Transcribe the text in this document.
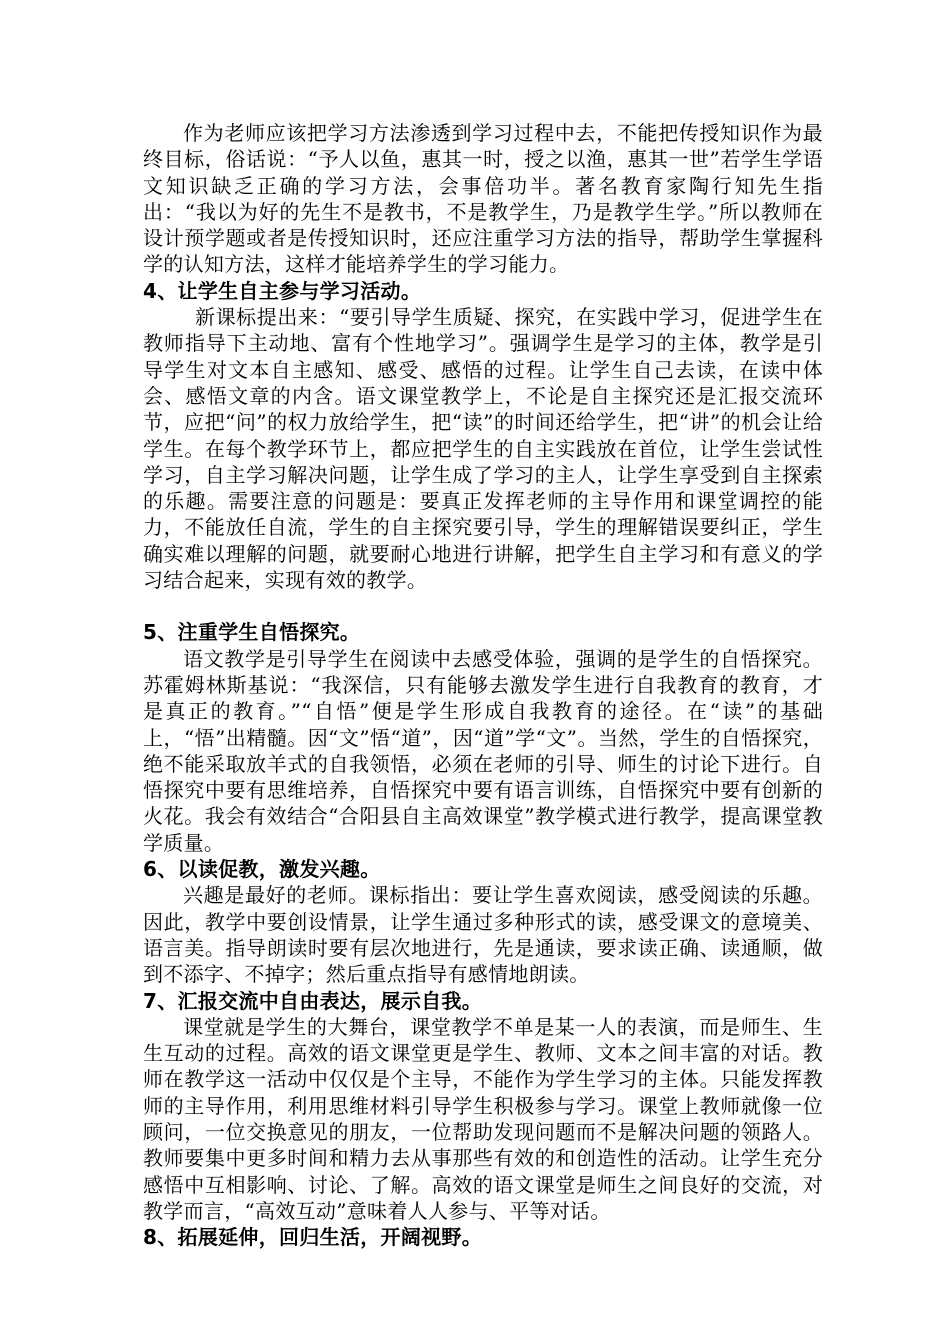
作为老师应该把学习方法渗透到学习过程中去，不能把传授知识作为最终目标，俗话说：“予人以鱼，惠其一时，授之以渔，惠其一世”若学生学语文知识缺乏正确的学习方法，会事倍功半。著名教育家陶行知先生指出：“我以为好的先生不是教书，不是教学生，乃是教学生学。”所以教师在设计预学题或者是传授知识时，还应注重学习方法的指导，帮助学生掌握科学的认知方法，这样才能培养学生的学习能力。

4、让学生自主参与学习活动。

新课标提出来：“要引导学生质疑、探究，在实践中学习，促进学生在教师指导下主动地、富有个性地学习”。强调学生是学习的主体，教学是引导学生对文本自主感知、感受、感悟的过程。让学生自己去读，在读中体会、感悟文章的内含。语文课堂教学上，不论是自主探究还是汇报交流环节，应把“问”的权力放给学生，把“读”的时间还给学生，把“讲”的机会让给学生。在每个教学环节上，都应把学生的自主实践放在首位，让学生尝试性学习，自主学习解决问题，让学生成了学习的主人，让学生享受到自主探索的乐趣。需要注意的问题是：要真正发挥老师的主导作用和课堂调控的能力，不能放任自流，学生的自主探究要引导，学生的理解错误要纠正，学生确实难以理解的问题，就要耐心地进行讲解，把学生自主学习和有意义的学习结合起来，实现有效的教学。

5、注重学生自悟探究。

语文教学是引导学生在阅读中去感受体验，强调的是学生的自悟探究。苏霍姆林斯基说：“我深信，只有能够去激发学生进行自我教育的教育，才是真正的教育。”“自悟”便是学生形成自我教育的途径。在“读”的基础上，“悟”出精髓。因“文”悟“道”，因“道”学“文”。当然，学生的自悟探究，绝不能采取放羊式的自我领悟，必须在老师的引导、师生的讨论下进行。自悟探究中要有思维培养，自悟探究中要有语言训练，自悟探究中要有创新的火花。我会有效结合“合阳县自主高效课堂”教学模式进行教学，提高课堂教学质量。

6、以读促教，激发兴趣。

兴趣是最好的老师。课标指出：要让学生喜欢阅读，感受阅读的乐趣。因此，教学中要创设情景，让学生通过多种形式的读，感受课文的意境美、语言美。指导朗读时要有层次地进行，先是通读，要求读正确、读通顺，做到不添字、不掉字；然后重点指导有感情地朗读。

7、汇报交流中自由表达，展示自我。

课堂就是学生的大舞台，课堂教学不单是某一人的表演，而是师生、生生互动的过程。高效的语文课堂更是学生、教师、文本之间丰富的对话。教师在教学这一活动中仅仅是个主导，不能作为学生学习的主体。只能发挥教师的主导作用，利用思维材料引导学生积极参与学习。课堂上教师就像一位顾问，一位交换意见的朋友，一位帮助发现问题而不是解决问题的领路人。教师要集中更多时间和精力去从事那些有效的和创造性的活动。让学生充分感悟中互相影响、讨论、了解。高效的语文课堂是师生之间良好的交流，对教学而言，“高效互动”意味着人人参与、平等对话。

8、拓展延伸，回归生活，开阔视野。
